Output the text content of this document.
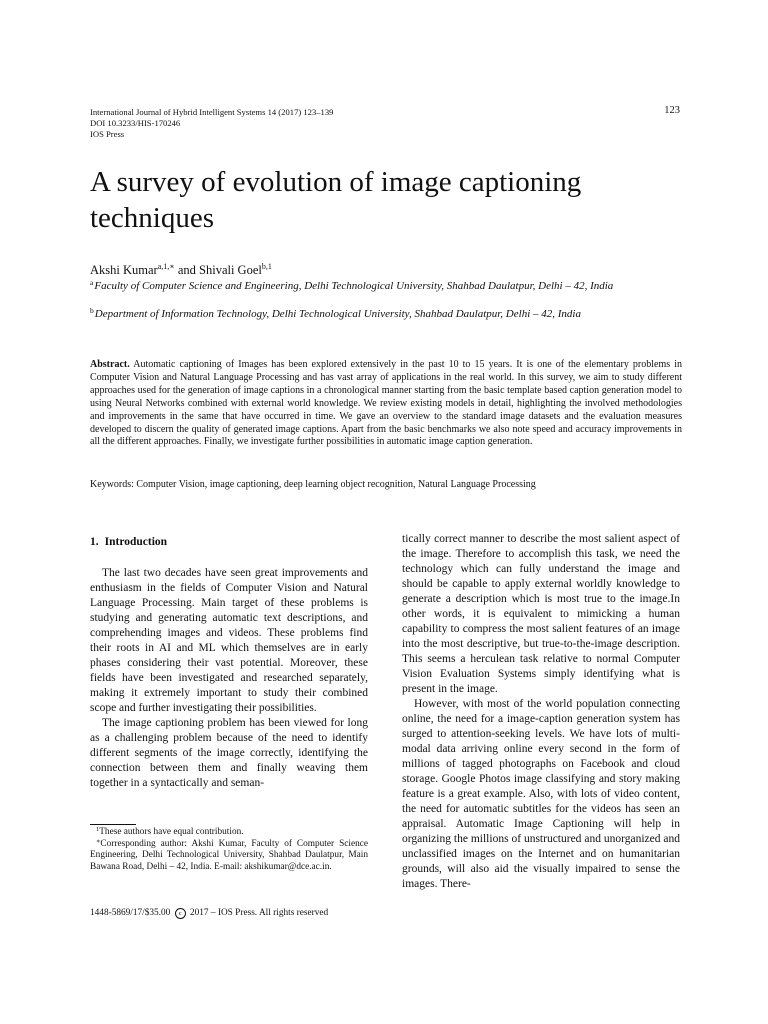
International Journal of Hybrid Intelligent Systems 14 (2017) 123–139
DOI 10.3233/HIS-170246
IOS Press
123
A survey of evolution of image captioning techniques
Akshi Kumar$^{a,1,∗}$ and Shivali Goel$^{b,1}$
$^a$Faculty of Computer Science and Engineering, Delhi Technological University, Shahbad Daulatpur, Delhi – 42, India
$^b$Department of Information Technology, Delhi Technological University, Shahbad Daulatpur, Delhi – 42, India

Abstract. Automatic captioning of Images has been explored extensively in the past 10 to 15 years. It is one of the elementary problems in Computer Vision and Natural Language Processing and has vast array of applications in the real world. In this survey, we aim to study different approaches used for the generation of image captions in a chronological manner starting from the basic template based caption generation model to using Neural Networks combined with external world knowledge. We review existing models in detail, highlighting the involved methodologies and improvements in the same that have occurred in time. We gave an overview to the standard image datasets and the evaluation measures developed to discern the quality of generated image captions. Apart from the basic benchmarks we also note speed and accuracy improvements in all the different approaches. Finally, we investigate further possibilities in automatic image caption generation.

Keywords: Computer Vision, image captioning, deep learning object recognition, Natural Language Processing

1. Introduction

The last two decades have seen great improvements and enthusiasm in the fields of Computer Vision and Natural Language Processing. Main target of these problems is studying and generating automatic text descriptions, and comprehending images and videos. These problems find their roots in AI and ML which themselves are in early phases considering their vast potential. Moreover, these fields have been investigated and researched separately, making it extremely important to study their combined scope and further investigating their possibilities.

The image captioning problem has been viewed for long as a challenging problem because of the need to identify different segments of the image correctly, identifying the connection between them and finally weaving them together in a syntactically and seman-

tically correct manner to describe the most salient aspect of the image. Therefore to accomplish this task, we need the technology which can fully understand the image and should be capable to apply external worldly knowledge to generate a description which is most true to the image.In other words, it is equivalent to mimicking a human capability to compress the most salient features of an image into the most descriptive, but true-to-the-image description. This seems a herculean task relative to normal Computer Vision Evaluation Systems simply identifying what is present in the image.

However, with most of the world population connecting online, the need for a image-caption generation system has surged to attention-seeking levels. We have lots of multi-modal data arriving online every second in the form of millions of tagged photographs on Facebook and cloud storage. Google Photos image classifying and story making feature is a great example. Also, with lots of video content, the need for automatic subtitles for the videos has seen an appraisal. Automatic Image Captioning will help in organizing the millions of unstructured and unorganized and unclassified images on the Internet and on humanitarian grounds, will also aid the visually impaired to sense the images. There-

$^1$These authors have equal contribution.

∗Corresponding author: Akshi Kumar, Faculty of Computer Science Engineering, Delhi Technological University, Shahbad Daulatpur, Main Bawana Road, Delhi – 42, India. E-mail: akshikumar@dce.ac.in.

1448-5869/17/$35.00 c 2017 – IOS Press. All rights reserved
